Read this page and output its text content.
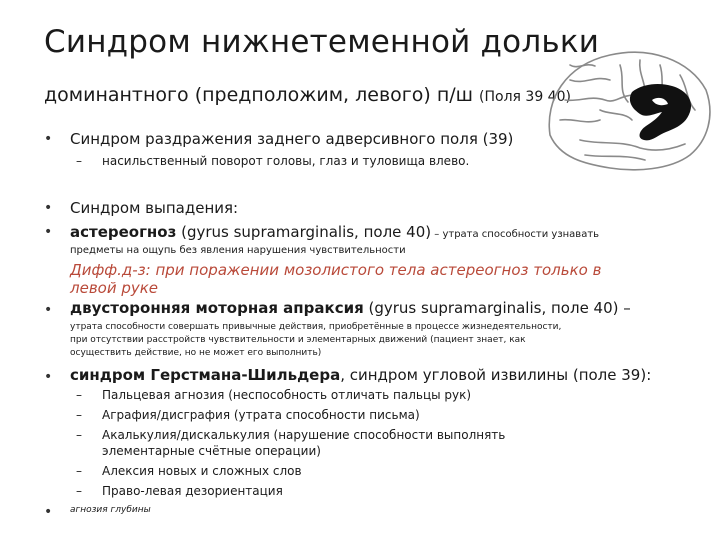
Синдром нижнетеменной дольки
доминантного (предположим, левого) п/ш (Поля 39 40)
• Синдром раздражения заднего адверсивного поля (39)
– насильственный поворот головы, глаз и туловища влево.
• Синдром выпадения:
• астереогноз (gyrus supramarginalis, поле 40) – утрата способности узнавать
предметы на ощупь без явления нарушения чувствительности
Дифф.д-з: при поражении мозолистого тела астереогноз только в
левой руке
• двусторонняя моторная апраксия (gyrus supramarginalis, поле 40) –
утрата способности совершать привычные действия, приобретённые в процессе жизнедеятельности,
при отсутствии расстройств чувствительности и элементарных движений (пациент знает, как
осуществить действие, но не может его выполнить)
• синдром Герстмана-Шильдера, синдром угловой извилины (поле 39):
– Пальцевая агнозия (неспособность отличать пальцы рук)
– Аграфия/дисграфия (утрата способности письма)
– Акалькулия/дискалькулия (нарушение способности выполнять
элементарные счётные операции)
– Алексия новых и сложных слов
– Право-левая дезориентация
• агнозия глубины
